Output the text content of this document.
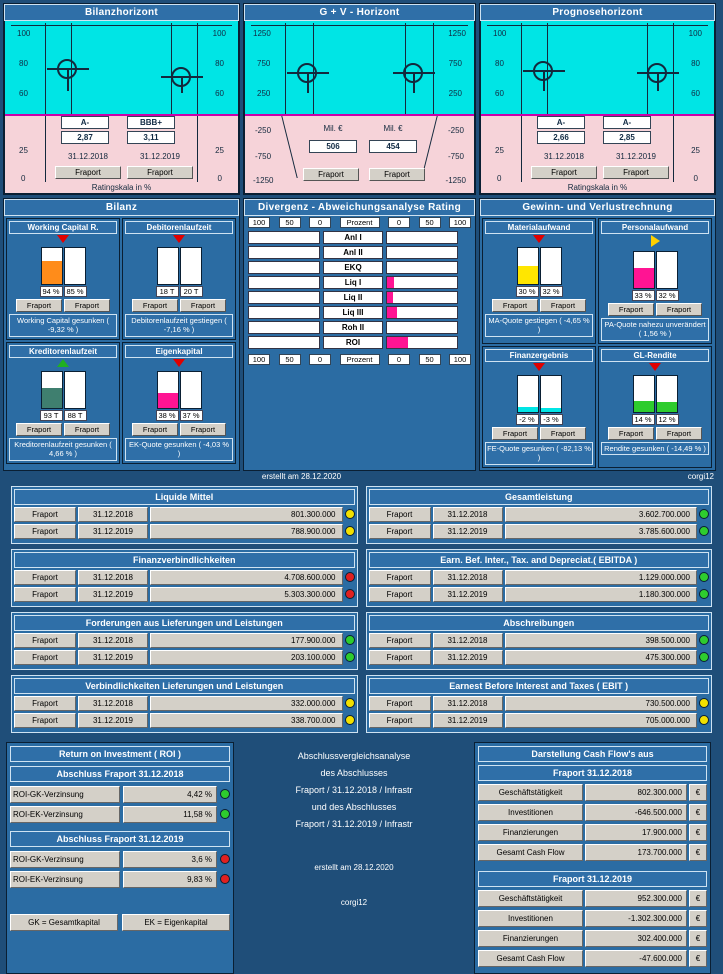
Bilanzhorizont
100	100
80	80
60	60
25	25
0	0
A-	BBB+
2,87	3,11
31.12.2018	31.12.2019
Fraport	Fraport
Ratingskala in %
G + V - Horizont
1250	1250
750	750
250	250
-250	-250
-750	-750
-1250	-1250
Mil. €	Mil. €
506	454
Fraport	Fraport
Prognosehorizont
100	100
80	80
60	60
25	25
0	0
A-	A-
2,66	2,85
31.12.2018	31.12.2019
Fraport	Fraport
Ratingskala in %
Bilanz
Working Capital R.
94 % 85 %
Fraport	Fraport
Working Capital gesunken ( -9,32 % )
Debitorenlaufzeit
18 T	20 T
Fraport	Fraport
Debitorenlaufzeit gestiegen ( -7,16 % )
Kreditorenlaufzeit
93 T	88 T
Fraport	Fraport
Kreditorenlaufzeit gesunken ( 4,66 % )
Eigenkapital
38 % 37 %
Fraport	Fraport
EK-Quote gesunken ( -4,03 % )
Divergenz - Abweichungsanalyse Rating
100	50	0	Prozent	0	50	100
Anl I
Anl II
EKQ
Liq I
Liq II
Liq III
Roh II
ROI
100	50	0	Prozent	0	50	100
Gewinn- und Verlustrechnung
Materialaufwand
30 % 32 %
Fraport	Fraport
MA-Quote gestiegen ( -4,65 % )
Personalaufwand
33 % 32 %
Fraport	Fraport
PA-Quote nahezu unverändert ( 1,56 % )
Finanzergebnis
-2 %	-3 %
Fraport	Fraport
FE-Quote gesunken ( -82,13 % )
GL-Rendite
14 % 12 %
Fraport	Fraport
Rendite gesunken ( -14,49 % )
erstellt am 28.12.2020	corgi12
Liquide Mittel
Fraport	31.12.2018	801.300.000
Fraport	31.12.2019	788.900.000
Finanzverbindlichkeiten
Fraport	31.12.2018	4.708.600.000
Fraport	31.12.2019	5.303.300.000
Forderungen aus Lieferungen und Leistungen
Fraport	31.12.2018	177.900.000
Fraport	31.12.2019	203.100.000
Verbindlichkeiten Lieferungen und Leistungen
Fraport	31.12.2018	332.000.000
Fraport	31.12.2019	338.700.000
Gesamtleistung
Fraport	31.12.2018	3.602.700.000
Fraport	31.12.2019	3.785.600.000
Earn. Bef. Inter., Tax. and Depreciat.( EBITDA )
Fraport	31.12.2018	1.129.000.000
Fraport	31.12.2019	1.180.300.000
Abschreibungen
Fraport	31.12.2018	398.500.000
Fraport	31.12.2019	475.300.000
Earnest Before Interest and Taxes ( EBIT )
Fraport	31.12.2018	730.500.000
Fraport	31.12.2019	705.000.000
Return on Investment ( ROI )
Abschluss Fraport 31.12.2018
ROI-GK-Verzinsung	4,42 %
ROI-EK-Verzinsung	11,58 %
Abschluss Fraport 31.12.2019
ROI-GK-Verzinsung	3,6 %
ROI-EK-Verzinsung	9,83 %
GK = Gesamtkapital	EK = Eigenkapital
Abschlussvergleichsanalyse
des Abschlusses
Fraport / 31.12.2018 / Infrastr
und des Abschlusses
Fraport / 31.12.2019 / Infrastr
erstellt am 28.12.2020
corgi12
Darstellung Cash Flow's aus
Fraport 31.12.2018
Geschäftstätigkeit	802.300.000	€
Investitionen	-646.500.000	€
Finanzierungen	17.900.000	€
Gesamt Cash Flow	173.700.000	€
Fraport 31.12.2019
Geschäftstätigkeit	952.300.000	€
Investitionen	-1.302.300.000	€
Finanzierungen	302.400.000	€
Gesamt Cash Flow	-47.600.000	€
